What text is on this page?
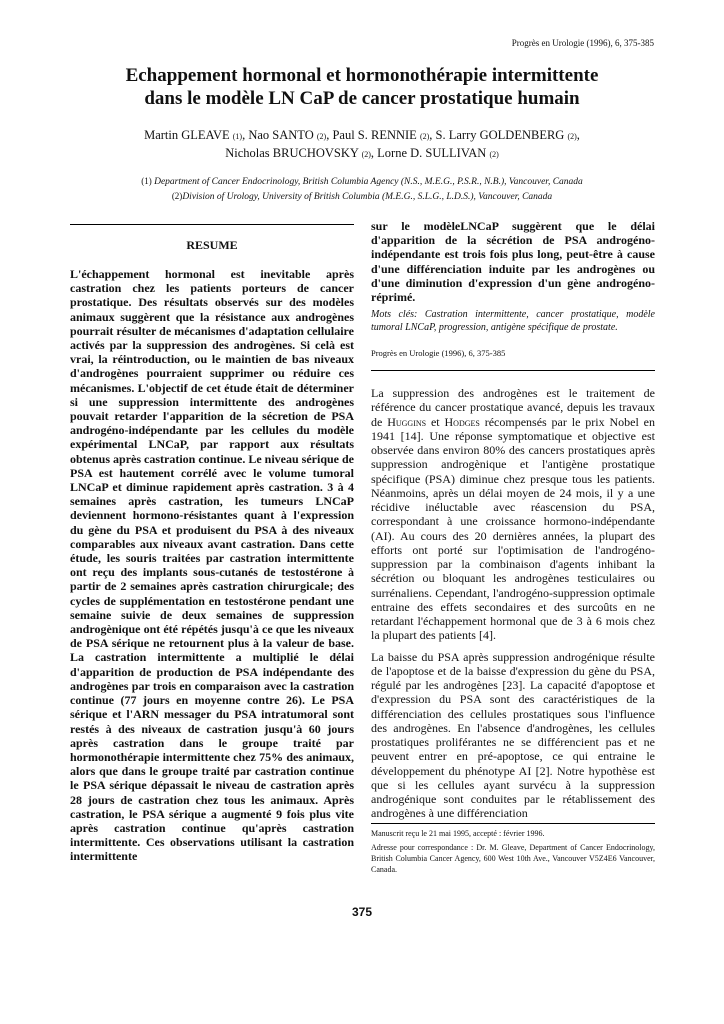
Progrès en Urologie (1996), 6, 375-385
Echappement hormonal et hormonothérapie intermittente
dans le modèle LN CaP de cancer prostatique humain
Martin GLEAVE (1), Nao SANTO (2), Paul S. RENNIE (2), S. Larry GOLDENBERG (2),
Nicholas BRUCHOVSKY (2), Lorne D. SULLIVAN (2)
(1) Department of Cancer Endocrinology, British Columbia Agency (N.S., M.E.G., P.S.R., N.B.), Vancouver, Canada
(2)Division of Urology, University of British Columbia (M.E.G., S.L.G., L.D.S.), Vancouver, Canada
RESUME
L'échappement hormonal est inevitable après castration chez les patients porteurs de cancer prostatique. Des résultats observés sur des modèles animaux suggèrent que la résistance aux androgènes pourrait résulter de mécanismes d'adaptation cellulaire activés par la suppression des androgènes. Si celà est vrai, la réintroduction, ou le maintien de bas niveaux d'androgènes pourraient supprimer ou réduire ces mécanismes. L'objectif de cet étude était de déterminer si une suppression intermittente des androgènes pouvait retarder l'apparition de la sécretion de PSA androgéno-indépendante par les cellules du modèle expérimental LNCaP, par rapport aux résultats obtenus après castration continue. Le niveau sérique de PSA est hautement corrélé avec le volume tumoral LNCaP et diminue rapidement après castration. 3 à 4 semaines après castration, les tumeurs LNCaP deviennent hormono-résistantes quant à l'expression du gène du PSA et produisent du PSA à des niveaux comparables aux niveaux avant castration. Dans cette étude, les souris traitées par castration intermittente ont reçu des implants sous-cutanés de testostérone à partir de 2 semaines après castration chirurgicale; des cycles de supplémentation en testostérone pendant une semaine suivie de deux semaines de suppression androgènique ont été répétés jusqu'à ce que les niveaux de PSA sérique ne retournent plus à la valeur de base. La castration intermittente a multiplié le délai d'apparition de production de PSA indépendante des androgènes par trois en comparaison avec la castration continue (77 jours en moyenne contre 26). Le PSA sérique et l'ARN messager du PSA intratumoral sont restés à des niveaux de castration jusqu'à 60 jours après castration dans le groupe traité par hormonothérapie intermittente chez 75% des animaux, alors que dans le groupe traité par castration continue le PSA sérique dépassait le niveau de castration après 28 jours de castration chez tous les animaux. Après castration, le PSA sérique a augmenté 9 fois plus vite après castration continue qu'après castration intermittente. Ces observations utilisant la castration intermittente
sur le modèleLNCaP suggèrent que le délai d'apparition de la sécrétion de PSA androgéno-indépendante est trois fois plus long, peut-être à cause d'une différenciation induite par les androgènes ou d'une diminution d'expression d'un gène androgéno-réprimé.
Mots clés: Castration intermittente, cancer prostatique, modèle tumoral LNCaP, progression, antigène spécifique de prostate.
Progrès en Urologie (1996), 6, 375-385

La suppression des androgènes est le traitement de référence du cancer prostatique avancé, depuis les travaux de Huggins et Hodges récompensés par le prix Nobel en 1941 [14]. Une réponse symptomatique et objective est observée dans environ 80% des cancers prostatiques après suppression androgènique et l'antigène prostatique spécifique (PSA) diminue chez presque tous les patients. Néanmoins, après un délai moyen de 24 mois, il y a une récidive inéluctable avec réascension du PSA, correspondant à une croissance hormono-indépendante (AI). Au cours des 20 dernières années, la plupart des efforts ont porté sur l'optimisation de l'androgéno-suppression par la combinaison d'agents inhibant la sécrétion ou bloquant les androgènes testiculaires ou surrénaliens. Cependant, l'androgéno-suppression optimale entraine des effets secondaires et des surcoûts en ne retardant l'échappement hormonal que de 3 à 6 mois chez la plupart des patients [4].

La baisse du PSA après suppression androgénique résulte de l'apoptose et de la baisse d'expression du gène du PSA, régulé par les androgènes [23]. La capacité d'apoptose et d'expression du PSA sont des caractéristiques de la différenciation des cellules prostatiques sous l'influence des androgènes. En l'absence d'androgènes, les cellules prostatiques proliférantes ne se différencient pas et ne peuvent entrer en pré-apoptose, ce qui entraine le développement du phénotype AI [2]. Notre hypothèse est que si les cellules ayant survécu à la suppression androgénique sont conduites par le rétablissement des androgènes à une différenciation

Manuscrit reçu le 21 mai 1995, accepté : février 1996.
Adresse pour correspondance : Dr. M. Gleave, Department of Cancer Endocrinology, British Columbia Cancer Agency, 600 West 10th Ave., Vancouver V5Z4E6 Vancouver, Canada.
375
